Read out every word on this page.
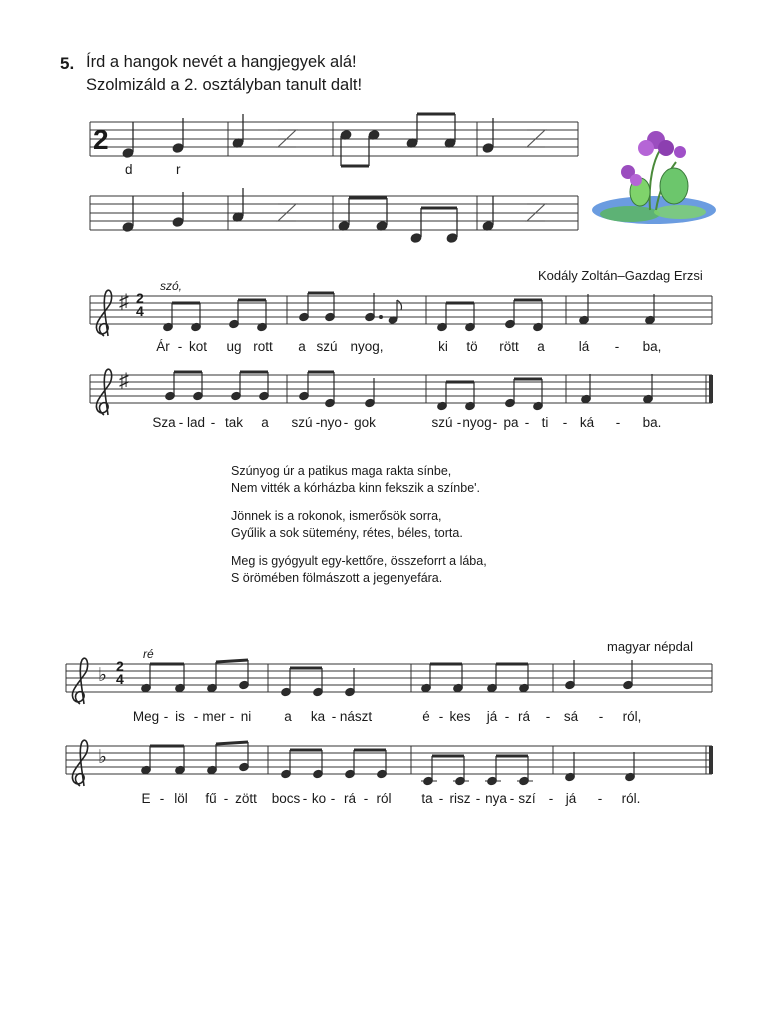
5. Írd a hangok nevét a hangjegyek alá!
Szolmizáld a 2. osztályban tanult dalt!
2
d	r
Kodály Zoltán–Gazdag Erzsi
szó,
♯ 2
4
♯
Ár - kot ug rott a szú nyog,	ki tö rött a	lá - ba,
Sza - lad - tak a szú - nyo - gok	szú - nyog - pa - ti - ká - ba.

Szúnyog úr a patikus maga rakta sínbe,
Nem vitték a kórházba kinn fekszik a színbe'.

Jönnek is a rokonok, ismerősök sorra,
Gyűlik a sok sütemény, rétes, béles, torta.

Meg is gyógyult egy-kettőre, összeforrt a lába,
S örömében fölmászott a jegenyefára.

magyar népdal
ré
♭ 2
4
♭
Meg - is - mer - ni a ka - nászt	é - kes já - rá - sá - ról,
E - löl fű - zött bocs - ko - rá - ról ta - risz - nya - szí - já - ról.
